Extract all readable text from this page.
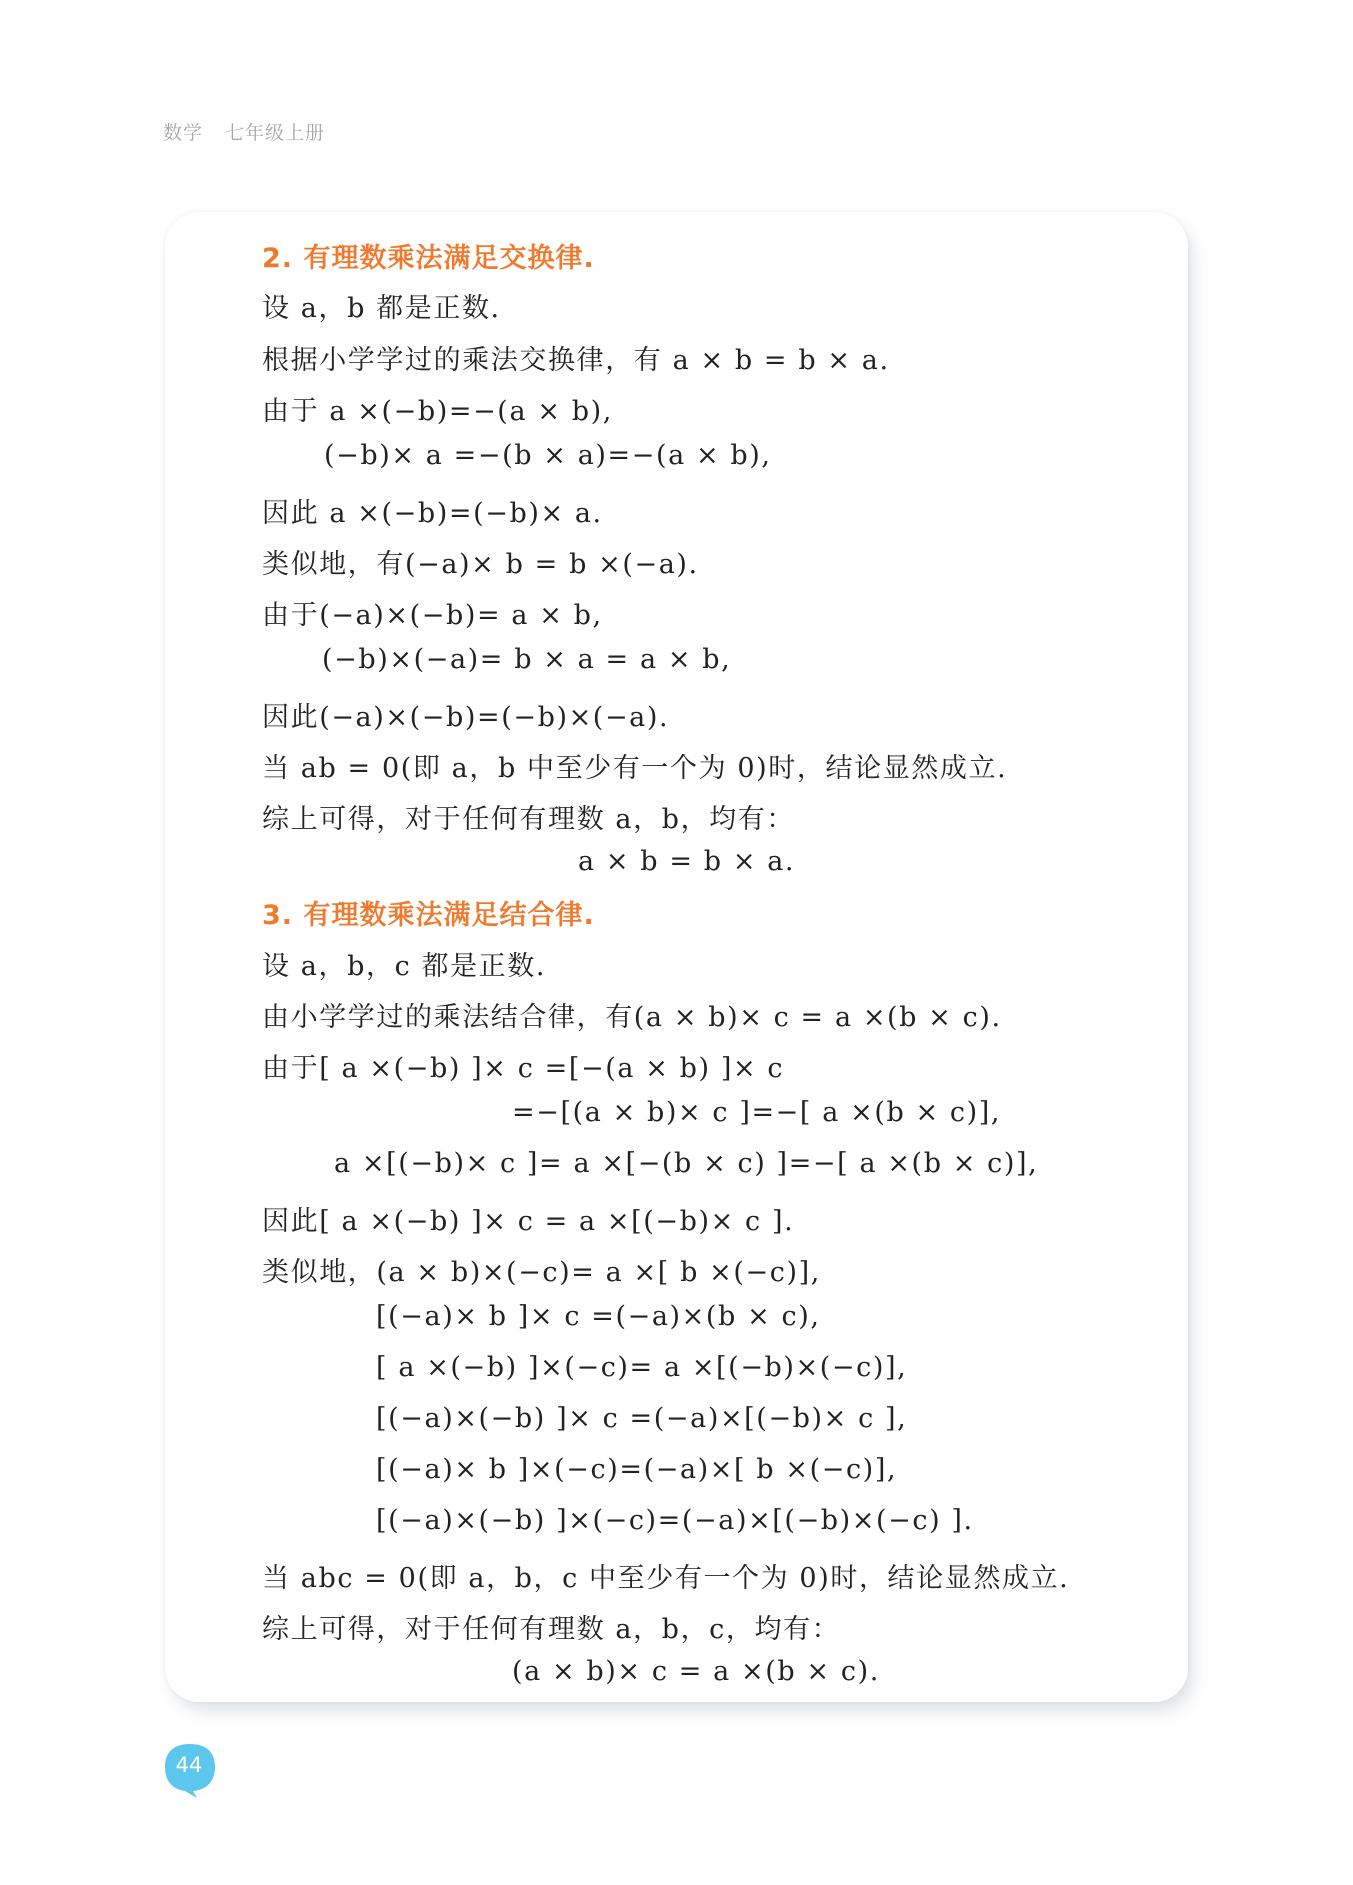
数学 七年级上册
2. 有理数乘法满足交换律.
设 a，b 都是正数.
根据小学学过的乘法交换律，有 a × b = b × a.
由于 a ×(−b)=−(a × b),
(−b)× a =−(b × a)=−(a × b),
因此 a ×(−b)=(−b)× a.
类似地，有(−a)× b = b ×(−a).
由于(−a)×(−b)= a × b,
(−b)×(−a)= b × a = a × b,
因此(−a)×(−b)=(−b)×(−a).
当 ab = 0(即 a，b 中至少有一个为 0)时，结论显然成立.
综上可得，对于任何有理数 a，b，均有：
a × b = b × a.
3. 有理数乘法满足结合律.
设 a，b，c 都是正数.
由小学学过的乘法结合律，有(a × b)× c = a ×(b × c).
由于[ a ×(−b) ]× c =[−(a × b) ]× c
=−[(a × b)× c ]=−[ a ×(b × c)],
a ×[(−b)× c ]= a ×[−(b × c) ]=−[ a ×(b × c)],
因此[ a ×(−b) ]× c = a ×[(−b)× c ].
类似地，(a × b)×(−c)= a ×[ b ×(−c)],
[(−a)× b ]× c =(−a)×(b × c),
[ a ×(−b) ]×(−c)= a ×[(−b)×(−c)],
[(−a)×(−b) ]× c =(−a)×[(−b)× c ],
[(−a)× b ]×(−c)=(−a)×[ b ×(−c)],
[(−a)×(−b) ]×(−c)=(−a)×[(−b)×(−c) ].
当 abc = 0(即 a，b，c 中至少有一个为 0)时，结论显然成立.
综上可得，对于任何有理数 a，b，c，均有：
(a × b)× c = a ×(b × c).
44
